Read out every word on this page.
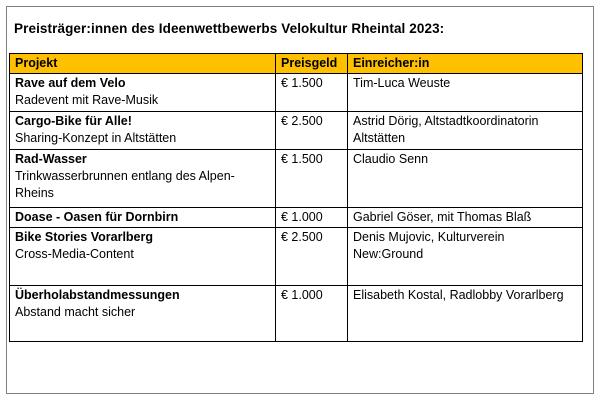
Preisträger:innen des Ideenwettbewerbs Velokultur Rheintal 2023:
Projekt	Preisgeld	Einreicher:in

Rave auf dem Velo
Radevent mit Rave-Musik	€ 1.500	Tim-Luca Weuste

Cargo-Bike für Alle!
Sharing-Konzept in Altstätten	€ 2.500	Astrid Dörig, Altstadtkoordinatorin Altstätten

Rad-Wasser
Trinkwasserbrunnen entlang des Alpen-Rheins	€ 1.500	Claudio Senn

Doase - Oasen für Dornbirn	€ 1.000	Gabriel Göser, mit Thomas Blaß

Bike Stories Vorarlberg
Cross-Media-Content	€ 2.500	Denis Mujovic, Kulturverein New:Ground

Überholabstandmessungen
Abstand macht sicher	€ 1.000	Elisabeth Kostal, Radlobby Vorarlberg
